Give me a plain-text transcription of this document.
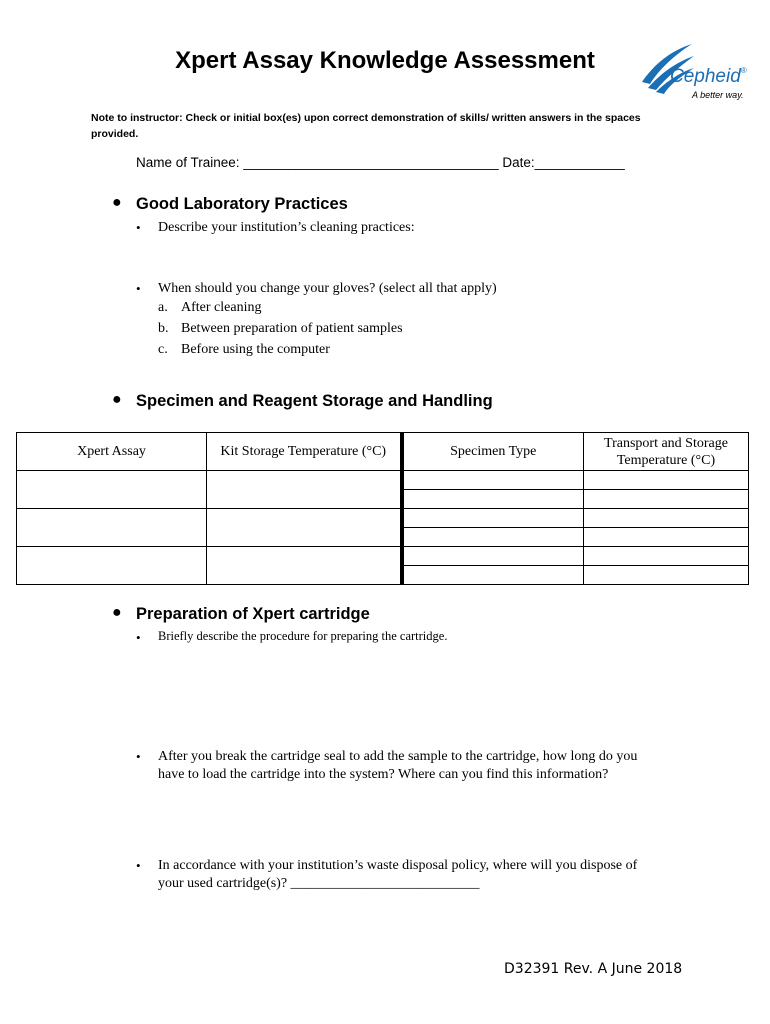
Xpert Assay Knowledge Assessment
Cepheid®
A better way.
Note to instructor: Check or initial box(es) upon correct demonstration of skills/ written answers in the spaces provided.
Name of Trainee: __________________________________ Date:____________
● Good Laboratory Practices
• Describe your institution’s cleaning practices:
• When should you change your gloves? (select all that apply)
a. After cleaning
b. Between preparation of patient samples
c. Before using the computer
● Specimen and Reagent Storage and Handling
Xpert Assay	Kit Storage Temperature (°C)	Specimen Type	Transport and Storage Temperature (°C)

● Preparation of Xpert cartridge
• Briefly describe the procedure for preparing the cartridge.
• After you break the cartridge seal to add the sample to the cartridge, how long do you
have to load the cartridge into the system? Where can you find this information?
• In accordance with your institution’s waste disposal policy, where will you dispose of
your used cartridge(s)? ___________________________
D32391 Rev. A June 2018
